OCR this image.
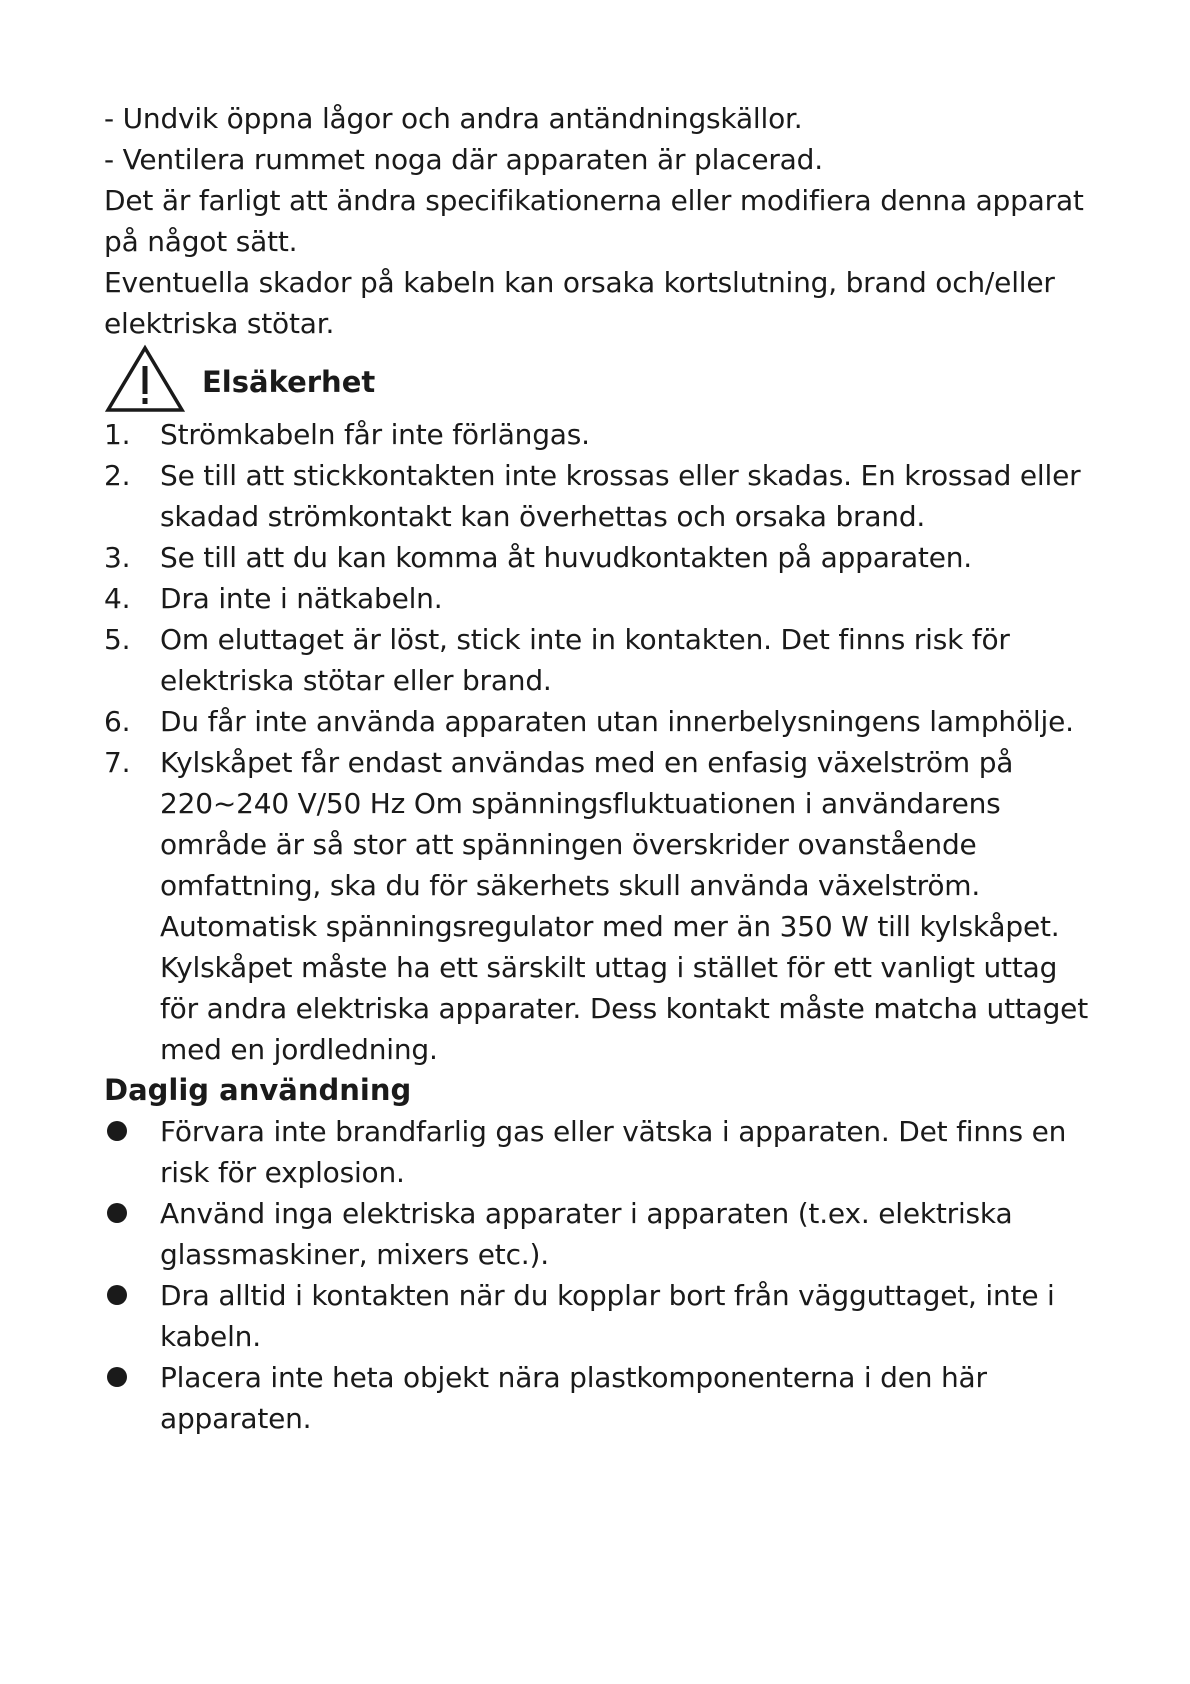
- Undvik öppna lågor och andra antändningskällor.
- Ventilera rummet noga där apparaten är placerad.
Det är farligt att ändra specifikationerna eller modifiera denna apparat
på något sätt.
Eventuella skador på kabeln kan orsaka kortslutning, brand och/eller
elektriska stötar.
Elsäkerhet
1. Strömkabeln får inte förlängas.
2. Se till att stickkontakten inte krossas eller skadas. En krossad eller
skadad strömkontakt kan överhettas och orsaka brand.
3. Se till att du kan komma åt huvudkontakten på apparaten.
4. Dra inte i nätkabeln.
5. Om eluttaget är löst, stick inte in kontakten. Det finns risk för
elektriska stötar eller brand.
6. Du får inte använda apparaten utan innerbelysningens lamphölje.
7. Kylskåpet får endast användas med en enfasig växelström på
220~240 V/50 Hz Om spänningsfluktuationen i användarens
område är så stor att spänningen överskrider ovanstående
omfattning, ska du för säkerhets skull använda växelström.
Automatisk spänningsregulator med mer än 350 W till kylskåpet.
Kylskåpet måste ha ett särskilt uttag i stället för ett vanligt uttag
för andra elektriska apparater. Dess kontakt måste matcha uttaget
med en jordledning.
Daglig användning
Förvara inte brandfarlig gas eller vätska i apparaten. Det finns en
risk för explosion.
Använd inga elektriska apparater i apparaten (t.ex. elektriska
glassmaskiner, mixers etc.).
Dra alltid i kontakten när du kopplar bort från vägguttaget, inte i
kabeln.
Placera inte heta objekt nära plastkomponenterna i den här
apparaten.
